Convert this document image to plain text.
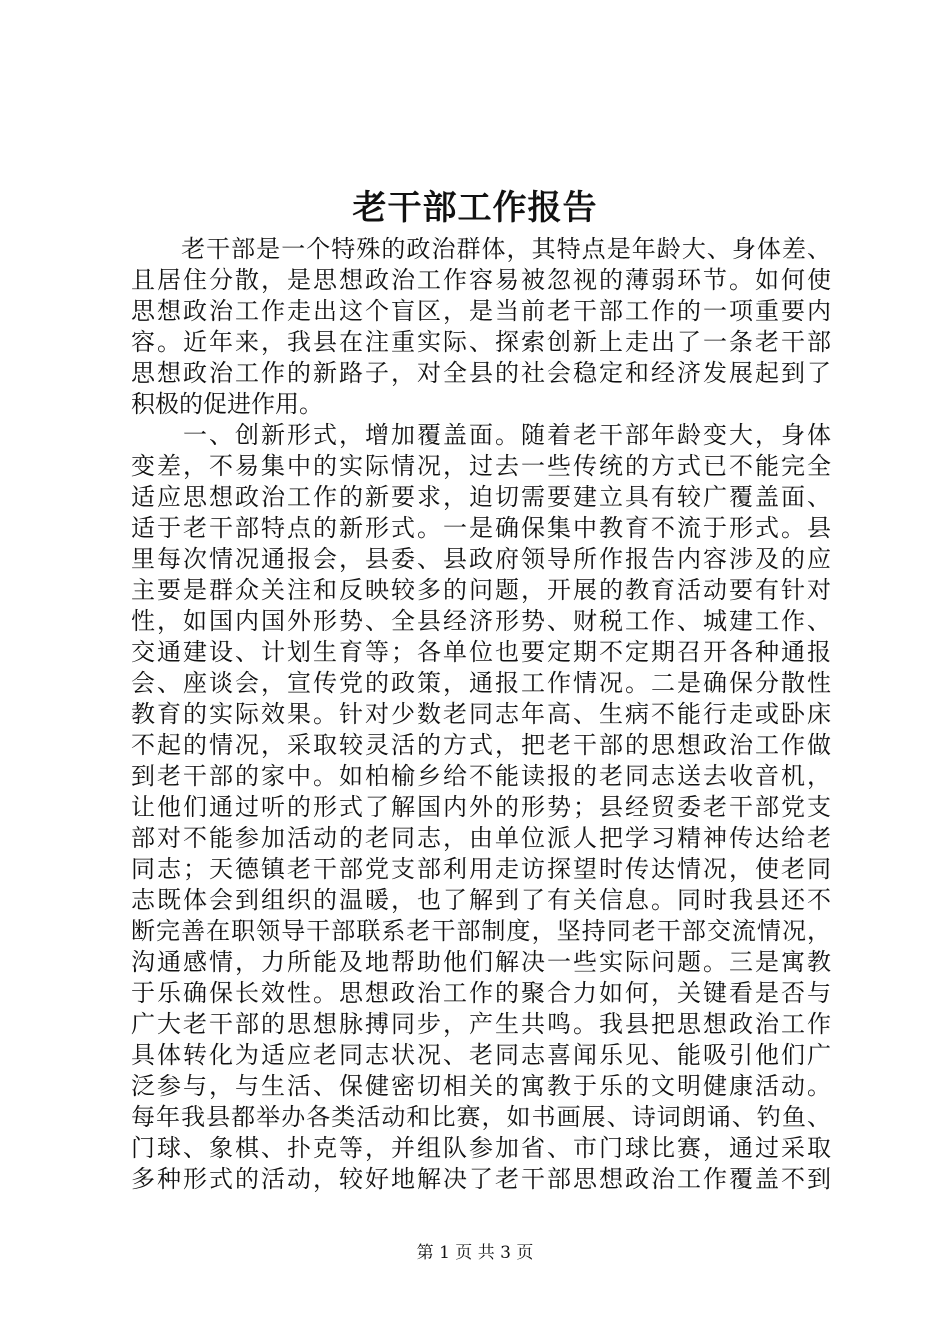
老干部工作报告
　　老干部是一个特殊的政治群体，其特点是年龄大、身体差、
且居住分散，是思想政治工作容易被忽视的薄弱环节。如何使
思想政治工作走出这个盲区，是当前老干部工作的一项重要内
容。近年来，我县在注重实际、探索创新上走出了一条老干部
思想政治工作的新路子，对全县的社会稳定和经济发展起到了
积极的促进作用。
　　一、创新形式，增加覆盖面。随着老干部年龄变大，身体
变差，不易集中的实际情况，过去一些传统的方式已不能完全
适应思想政治工作的新要求，迫切需要建立具有较广覆盖面、
适于老干部特点的新形式。一是确保集中教育不流于形式。县
里每次情况通报会，县委、县政府领导所作报告内容涉及的应
主要是群众关注和反映较多的问题，开展的教育活动要有针对
性，如国内国外形势、全县经济形势、财税工作、城建工作、
交通建设、计划生育等；各单位也要定期不定期召开各种通报
会、座谈会，宣传党的政策，通报工作情况。二是确保分散性
教育的实际效果。针对少数老同志年高、生病不能行走或卧床
不起的情况，采取较灵活的方式，把老干部的思想政治工作做
到老干部的家中。如柏榆乡给不能读报的老同志送去收音机，
让他们通过听的形式了解国内外的形势；县经贸委老干部党支
部对不能参加活动的老同志，由单位派人把学习精神传达给老
同志；天德镇老干部党支部利用走访探望时传达情况，使老同
志既体会到组织的温暖，也了解到了有关信息。同时我县还不
断完善在职领导干部联系老干部制度，坚持同老干部交流情况，
沟通感情，力所能及地帮助他们解决一些实际问题。三是寓教
于乐确保长效性。思想政治工作的聚合力如何，关键看是否与
广大老干部的思想脉搏同步，产生共鸣。我县把思想政治工作
具体转化为适应老同志状况、老同志喜闻乐见、能吸引他们广
泛参与，与生活、保健密切相关的寓教于乐的文明健康活动。
每年我县都举办各类活动和比赛，如书画展、诗词朗诵、钓鱼、
门球、象棋、扑克等，并组队参加省、市门球比赛，通过采取
多种形式的活动，较好地解决了老干部思想政治工作覆盖不到
第 1 页 共 3 页
